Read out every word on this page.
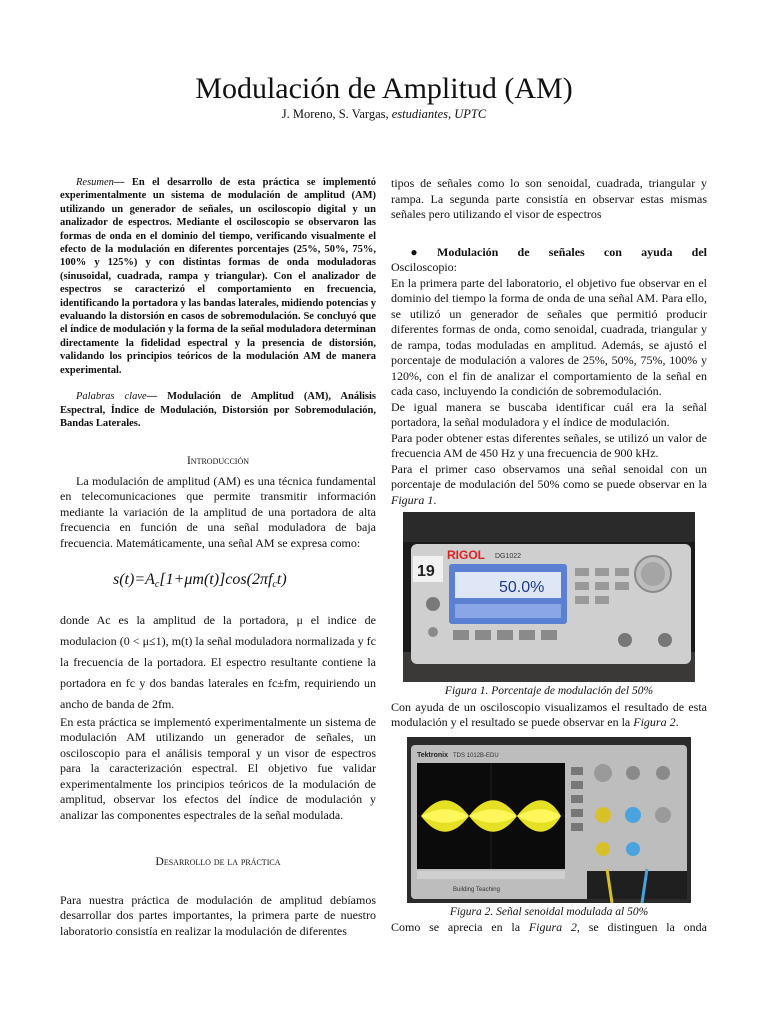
Modulación de Amplitud (AM)
J. Moreno, S. Vargas, estudiantes, UPTC

Resumen— En el desarrollo de esta práctica se implementó experimentalmente un sistema de modulación de amplitud (AM) utilizando un generador de señales, un osciloscopio digital y un analizador de espectros. Mediante el osciloscopio se observaron las formas de onda en el dominio del tiempo, verificando visualmente el efecto de la modulación en diferentes porcentajes (25%, 50%, 75%, 100% y 125%) y con distintas formas de onda moduladoras (sinusoidal, cuadrada, rampa y triangular). Con el analizador de espectros se caracterizó el comportamiento en frecuencia, identificando la portadora y las bandas laterales, midiendo potencias y evaluando la distorsión en casos de sobremodulación. Se concluyó que el índice de modulación y la forma de la señal moduladora determinan directamente la fidelidad espectral y la presencia de distorsión, validando los principios teóricos de la modulación AM de manera experimental.

Palabras clave— Modulación de Amplitud (AM), Análisis Espectral, Índice de Modulación, Distorsión por Sobremodulación, Bandas Laterales.

Introducción

La modulación de amplitud (AM) es una técnica fundamental en telecomunicaciones que permite transmitir información mediante la variación de la amplitud de una portadora de alta frecuencia en función de una señal moduladora de baja frecuencia. Matemáticamente, una señal AM se expresa como:

s(t)=Ac[1+μm(t)]cos(2πfct)

donde Ac es la amplitud de la portadora, μ el indice de modulacion (0 < μ≤1), m(t) la señal moduladora normalizada y fc la frecuencia de la portadora. El espectro resultante contiene la portadora en fc y dos bandas laterales en fc±fm, requiriendo un ancho de banda de 2fm.

En esta práctica se implementó experimentalmente un sistema de modulación AM utilizando un generador de señales, un osciloscopio para el análisis temporal y un visor de espectros para la caracterización espectral. El objetivo fue validar experimentalmente los principios teóricos de la modulación de amplitud, observar los efectos del índice de modulación y analizar las componentes espectrales de la señal modulada.

Desarrollo de la práctica

Para nuestra práctica de modulación de amplitud debíamos desarrollar dos partes importantes, la primera parte de nuestro laboratorio consistía en realizar la modulación de diferentes

tipos de señales como lo son senoidal, cuadrada, triangular y rampa. La segunda parte consistía en observar estas mismas señales pero utilizando el visor de espectros

●	Modulación de señales con ayuda del
Osciloscopio:

En la primera parte del laboratorio, el objetivo fue observar en el dominio del tiempo la forma de onda de una señal AM. Para ello, se utilizó un generador de señales que permitió producir diferentes formas de onda, como senoidal, cuadrada, triangular y de rampa, todas moduladas en amplitud. Además, se ajustó el porcentaje de modulación a valores de 25%, 50%, 75%, 100% y 120%, con el fin de analizar el comportamiento de la señal en cada caso, incluyendo la condición de sobremodulación.

De igual manera se buscaba identificar cuál era la señal portadora, la señal moduladora y el índice de modulación.

Para poder obtener estas diferentes señales, se utilizó un valor de frecuencia AM de 450 Hz y una frecuencia de 900 kHz.

Para el primer caso observamos una señal senoidal con un porcentaje de modulación del 50% como se puede observar en la Figura 1.

19
RIGOL DG1022
50.0%

Figura 1. Porcentaje de modulación del 50%

Con ayuda de un osciloscopio visualizamos el resultado de esta modulación y el resultado se puede observar en la Figura 2.

Tektronix TDS 1012B-EDU
Building Teaching

Figura 2. Señal senoidal modulada al 50%

Como se aprecia en la Figura 2, se distinguen la onda
